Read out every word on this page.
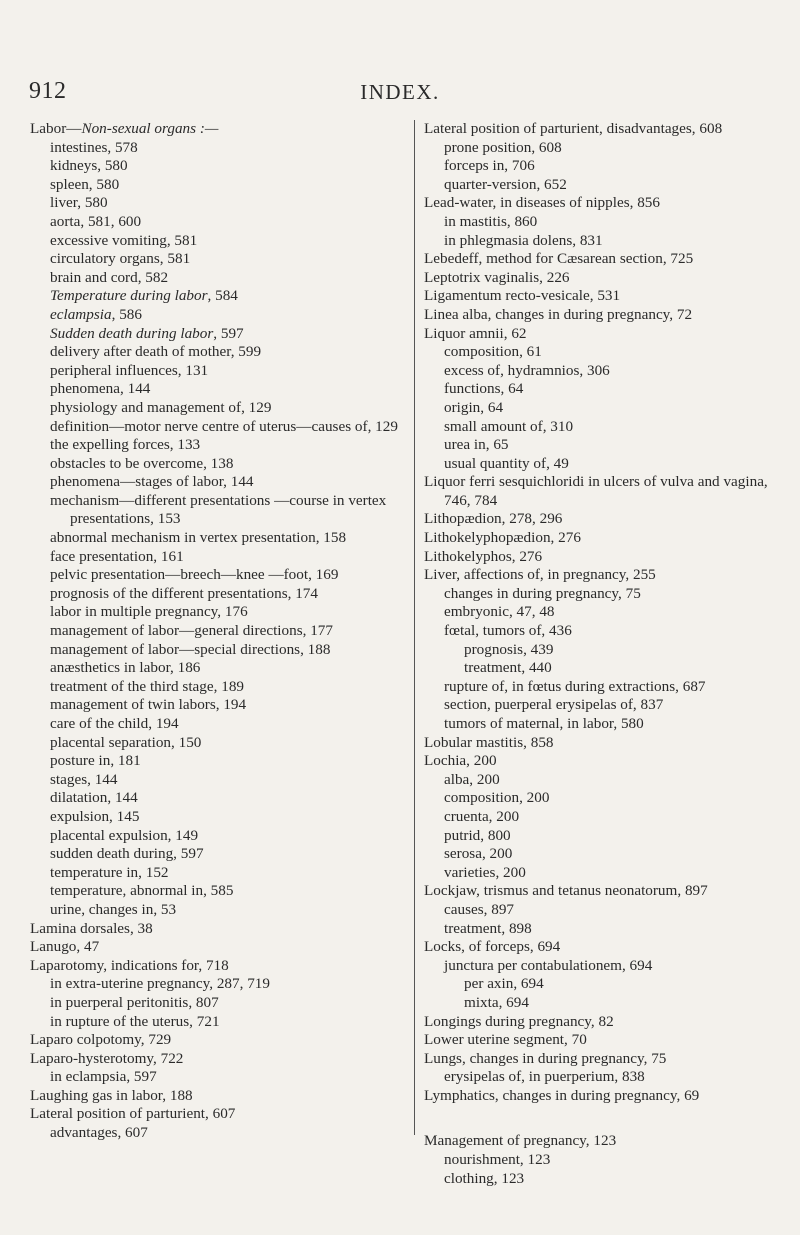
912	INDEX.

Labor—Non-sexual organs :—

intestines, 578

kidneys, 580

spleen, 580

liver, 580

aorta, 581, 600

excessive vomiting, 581

circulatory organs, 581

brain and cord, 582

Temperature during labor, 584

eclampsia, 586

Sudden death during labor, 597

delivery after death of mother, 599

peripheral influences, 131

phenomena, 144

physiology and management of, 129

definition—motor nerve centre of uterus—causes of, 129

the expelling forces, 133

obstacles to be overcome, 138

phenomena—stages of labor, 144

mechanism—different presentations —course in vertex presentations, 153

abnormal mechanism in vertex presentation, 158

face presentation, 161

pelvic presentation—breech—knee —foot, 169

prognosis of the different presentations, 174

labor in multiple pregnancy, 176

management of labor—general directions, 177

management of labor—special directions, 188

anæsthetics in labor, 186

treatment of the third stage, 189

management of twin labors, 194

care of the child, 194

placental separation, 150

posture in, 181

stages, 144

dilatation, 144

expulsion, 145

placental expulsion, 149

sudden death during, 597

temperature in, 152

temperature, abnormal in, 585

urine, changes in, 53

Lamina dorsales, 38

Lanugo, 47

Laparotomy, indications for, 718

in extra-uterine pregnancy, 287, 719

in puerperal peritonitis, 807

in rupture of the uterus, 721

Laparo colpotomy, 729

Laparo-hysterotomy, 722

in eclampsia, 597

Laughing gas in labor, 188

Lateral position of parturient, 607

advantages, 607

Lateral position of parturient, disadvantages, 608

prone position, 608

forceps in, 706

quarter-version, 652

Lead-water, in diseases of nipples, 856

in mastitis, 860

in phlegmasia dolens, 831

Lebedeff, method for Cæsarean section, 725

Leptotrix vaginalis, 226

Ligamentum recto-vesicale, 531

Linea alba, changes in during pregnancy, 72

Liquor amnii, 62

composition, 61

excess of, hydramnios, 306

functions, 64

origin, 64

small amount of, 310

urea in, 65

usual quantity of, 49

Liquor ferri sesquichloridi in ulcers of vulva and vagina, 746, 784

Lithopædion, 278, 296

Lithokelyphopædion, 276

Lithokelyphos, 276

Liver, affections of, in pregnancy, 255

changes in during pregnancy, 75

embryonic, 47, 48

fœtal, tumors of, 436

prognosis, 439

treatment, 440

rupture of, in fœtus during extractions, 687

section, puerperal erysipelas of, 837

tumors of maternal, in labor, 580

Lobular mastitis, 858

Lochia, 200

alba, 200

composition, 200

cruenta, 200

putrid, 800

serosa, 200

varieties, 200

Lockjaw, trismus and tetanus neonatorum, 897

causes, 897

treatment, 898

Locks, of forceps, 694

junctura per contabulationem, 694

per axin, 694

mixta, 694

Longings during pregnancy, 82

Lower uterine segment, 70

Lungs, changes in during pregnancy, 75

erysipelas of, in puerperium, 838

Lymphatics, changes in during pregnancy, 69

Management of pregnancy, 123

nourishment, 123

clothing, 123
